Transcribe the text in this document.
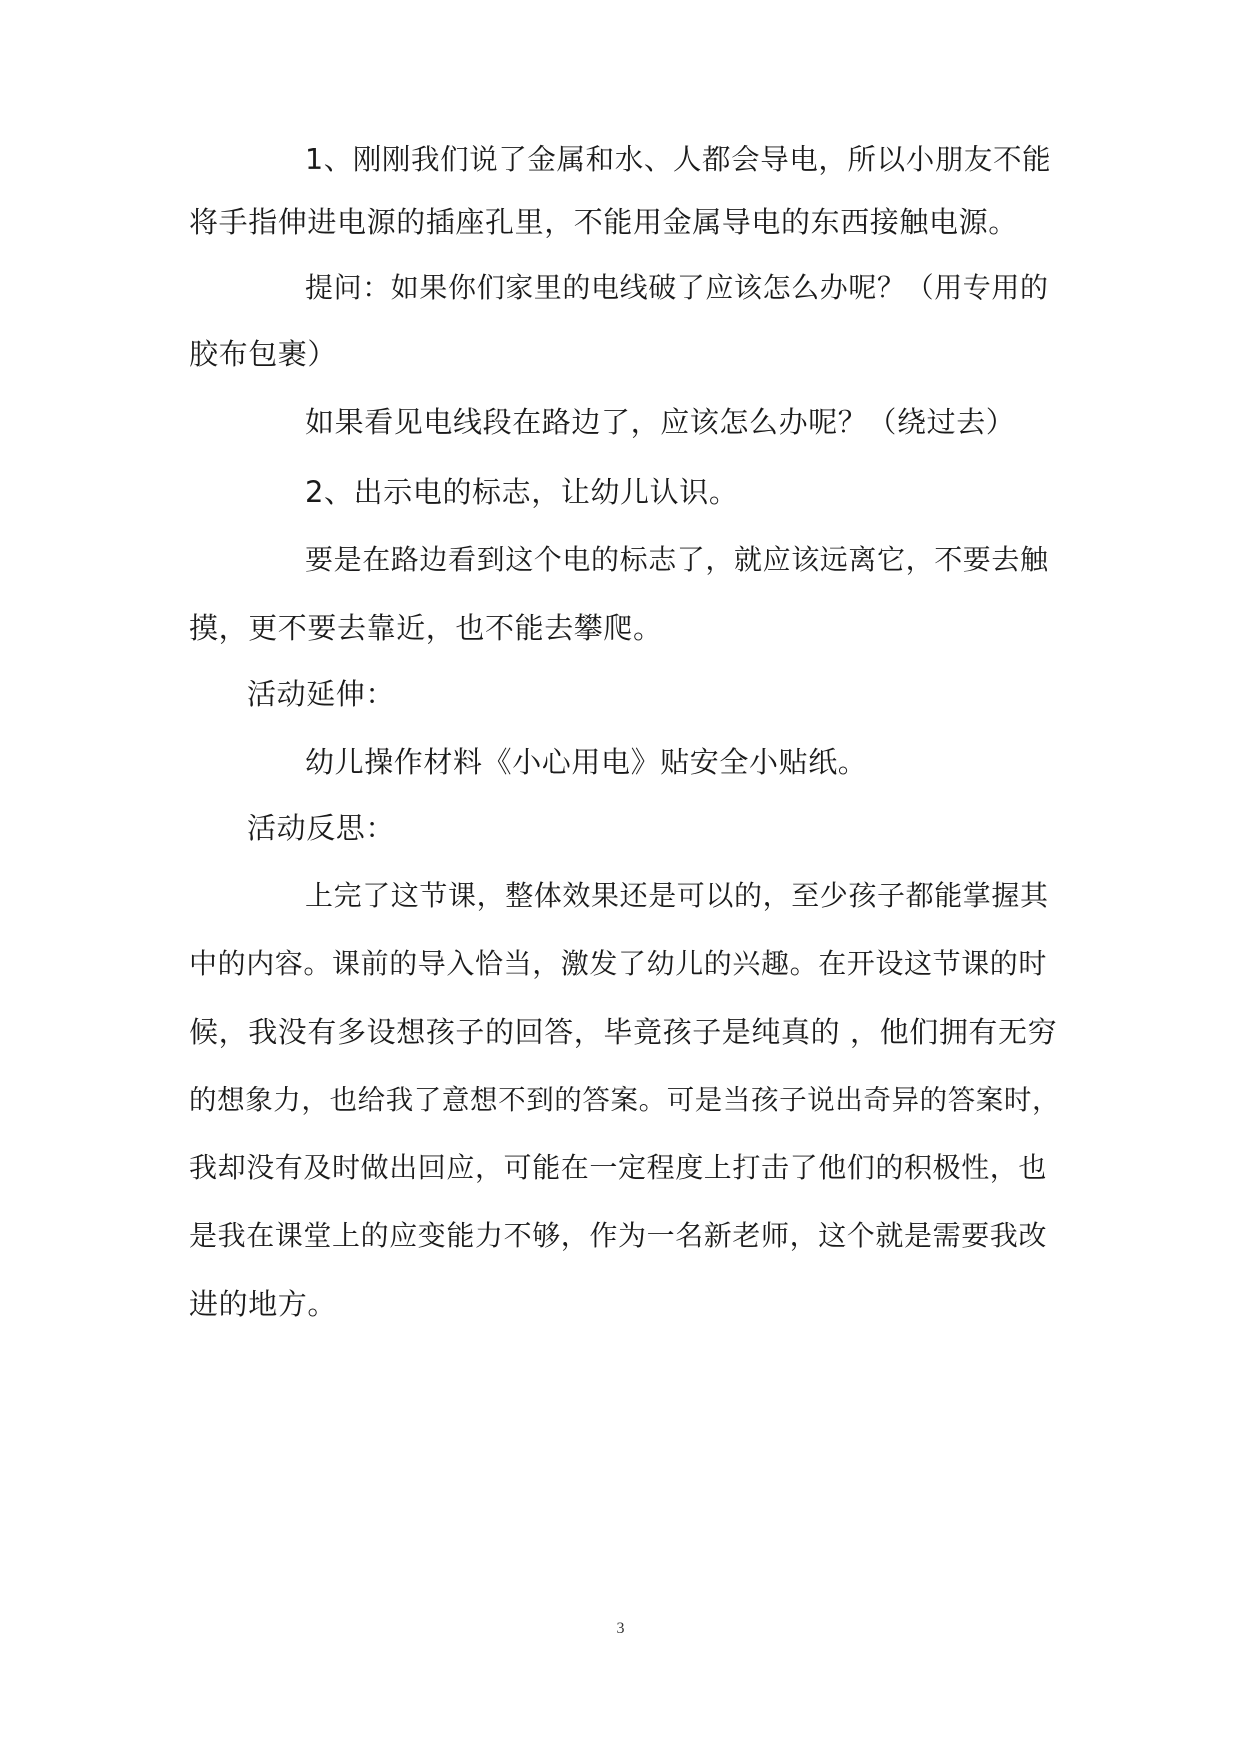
1、刚刚我们说了金属和水、人都会导电，所以小朋友不能
将手指伸进电源的插座孔里，不能用金属导电的东西接触电源。
提问：如果你们家里的电线破了应该怎么办呢？（用专用的
胶布包裹）
如果看见电线段在路边了，应该怎么办呢？（绕过去）
2、出示电的标志，让幼儿认识。
要是在路边看到这个电的标志了，就应该远离它，不要去触
摸，更不要去靠近，也不能去攀爬。
活动延伸：
幼儿操作材料《小心用电》贴安全小贴纸。
活动反思：
上完了这节课，整体效果还是可以的，至少孩子都能掌握其
中的内容。课前的导入恰当，激发了幼儿的兴趣。在开设这节课的时
候，我没有多设想孩子的回答，毕竟孩子是纯真的 ，他们拥有无穷
的想象力，也给我了意想不到的答案。可是当孩子说出奇异的答案时，
我却没有及时做出回应，可能在一定程度上打击了他们的积极性，也
是我在课堂上的应变能力不够，作为一名新老师，这个就是需要我改
进的地方。
3
